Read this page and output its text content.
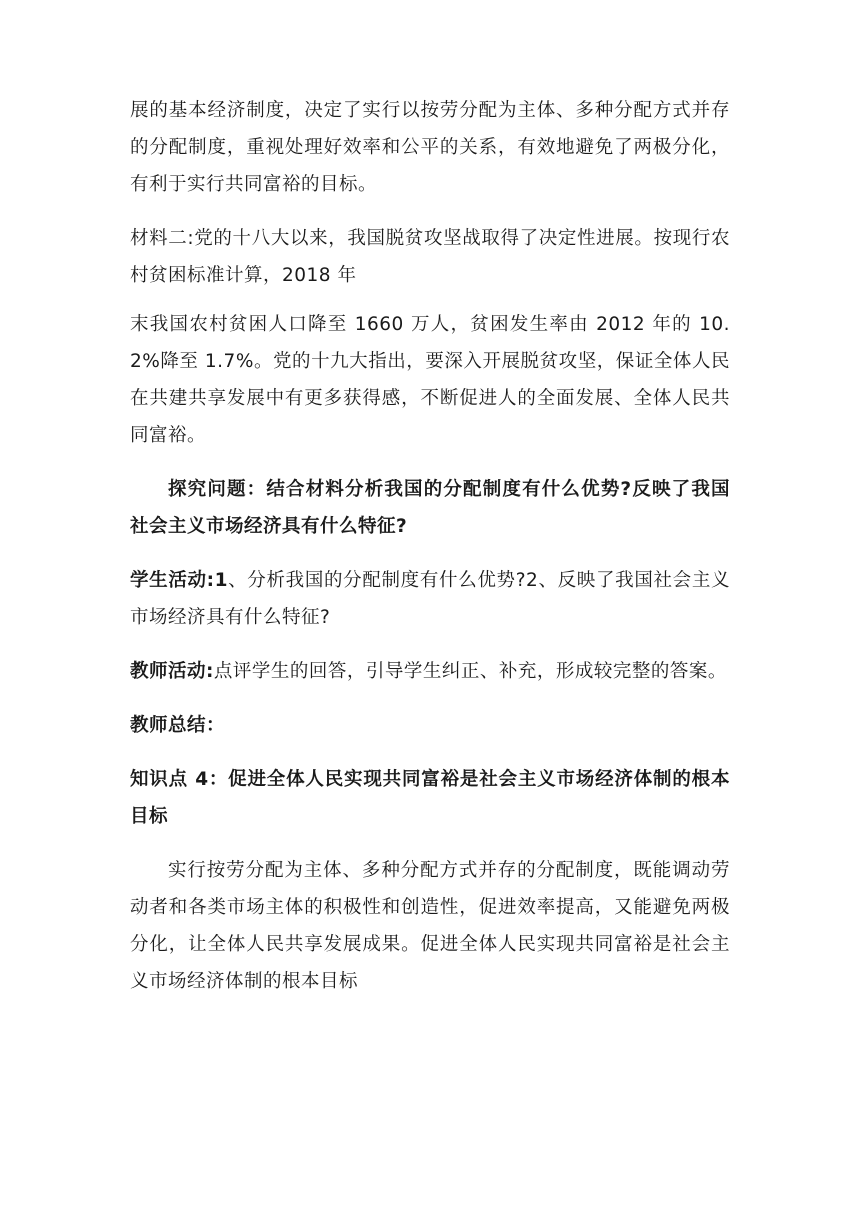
展的基本经济制度，决定了实行以按劳分配为主体、多种分配方式并存的分配制度，重视处理好效率和公平的关系，有效地避免了两极分化，有利于实行共同富裕的目标。

材料二:党的十八大以来，我国脱贫攻坚战取得了决定性进展。按现行农村贫困标准计算，2018 年

末我国农村贫困人口降至 1660 万人，贫困发生率由 2012 年的 10.2%降至 1.7%。党的十九大指出，要深入开展脱贫攻坚，保证全体人民在共建共享发展中有更多获得感，不断促进人的全面发展、全体人民共同富裕。

探究问题：结合材料分析我国的分配制度有什么优势?反映了我国社会主义市场经济具有什么特征?

学生活动:1、分析我国的分配制度有什么优势?2、反映了我国社会主义市场经济具有什么特征?

教师活动:点评学生的回答，引导学生纠正、补充，形成较完整的答案。

教师总结：

知识点 4：促进全体人民实现共同富裕是社会主义市场经济体制的根本目标

实行按劳分配为主体、多种分配方式并存的分配制度，既能调动劳动者和各类市场主体的积极性和创造性，促进效率提高，又能避免两极分化，让全体人民共享发展成果。促进全体人民实现共同富裕是社会主义市场经济体制的根本目标
